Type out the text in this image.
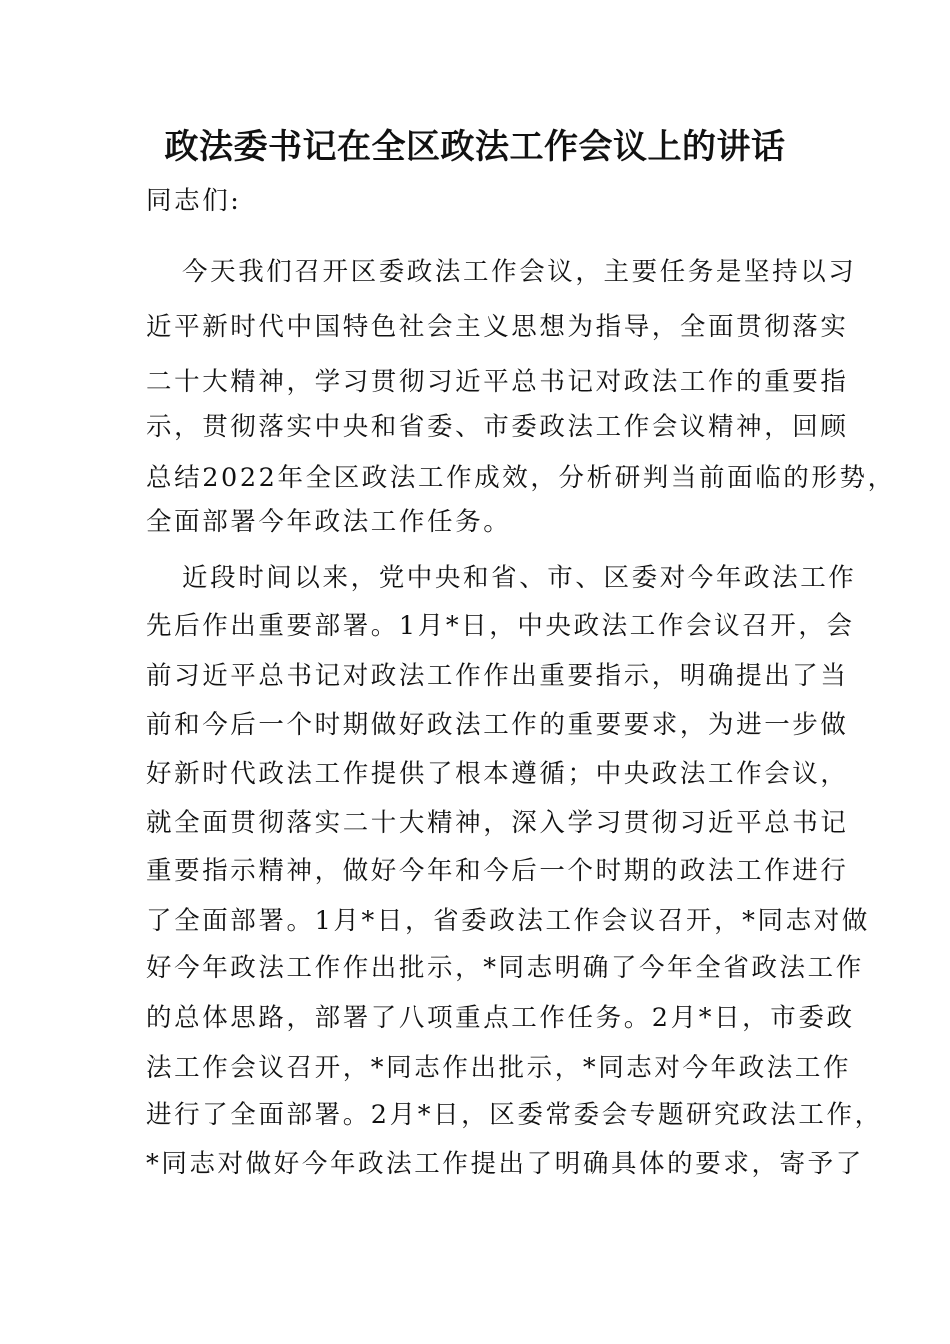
政法委书记在全区政法工作会议上的讲话

同志们:

今天我们召开区委政法工作会议，主要任务是坚持以习

近平新时代中国特色社会主义思想为指导，全面贯彻落实

二十大精神，学习贯彻习近平总书记对政法工作的重要指

示，贯彻落实中央和省委、市委政法工作会议精神，回顾

总结2022年全区政法工作成效，分析研判当前面临的形势，

全面部署今年政法工作任务。

近段时间以来，党中央和省、市、区委对今年政法工作

先后作出重要部署。1月*日，中央政法工作会议召开，会

前习近平总书记对政法工作作出重要指示，明确提出了当

前和今后一个时期做好政法工作的重要要求，为进一步做

好新时代政法工作提供了根本遵循；中央政法工作会议，

就全面贯彻落实二十大精神，深入学习贯彻习近平总书记

重要指示精神，做好今年和今后一个时期的政法工作进行

了全面部署。1月*日，省委政法工作会议召开，*同志对做

好今年政法工作作出批示，*同志明确了今年全省政法工作

的总体思路，部署了八项重点工作任务。2月*日，市委政

法工作会议召开，*同志作出批示，*同志对今年政法工作

进行了全面部署。2月*日，区委常委会专题研究政法工作，

*同志对做好今年政法工作提出了明确具体的要求，寄予了
